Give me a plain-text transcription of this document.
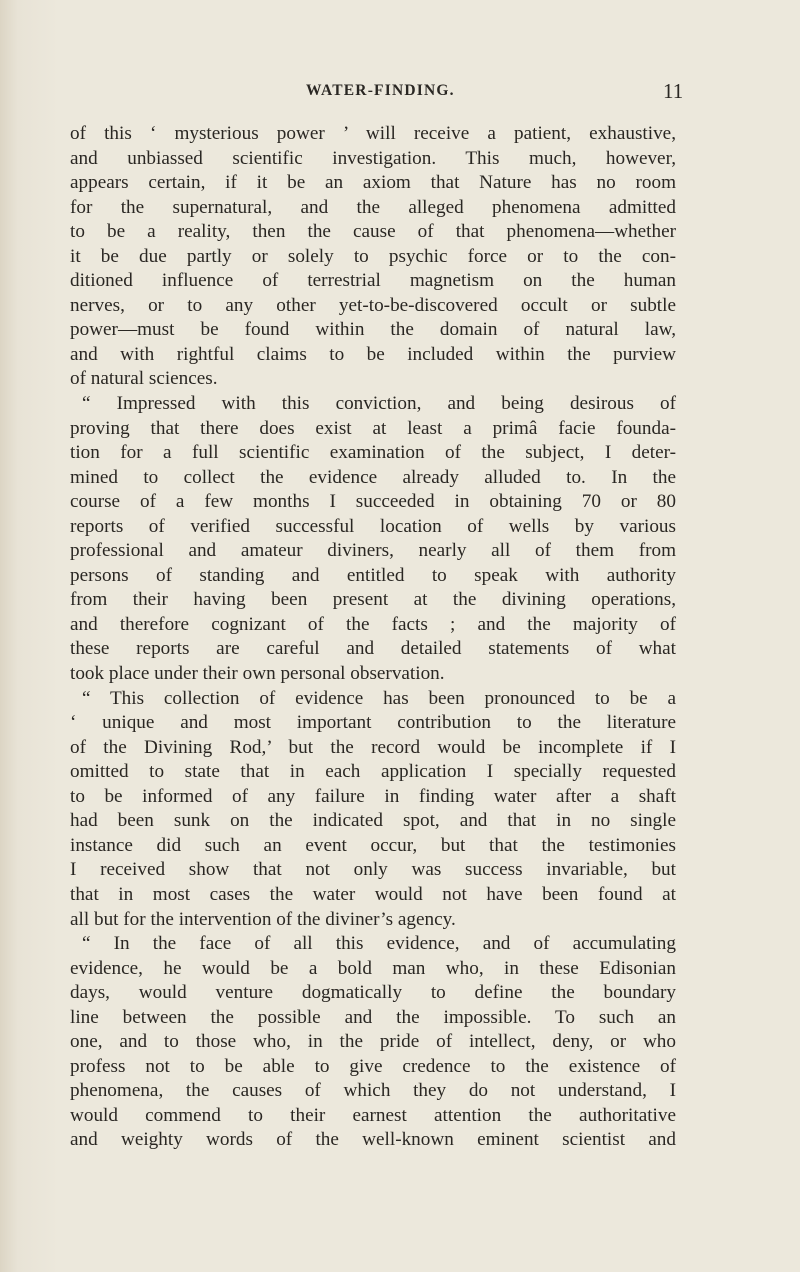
WATER-FINDING.	11
of this ‘ mysterious power ’ will receive a patient, exhaustive,
and unbiassed scientific investigation. This much, however,
appears certain, if it be an axiom that Nature has no room
for the supernatural, and the alleged phenomena admitted
to be a reality, then the cause of that phenomena—whether
it be due partly or solely to psychic force or to the con-
ditioned influence of terrestrial magnetism on the human
nerves, or to any other yet-to-be-discovered occult or subtle
power—must be found within the domain of natural law,
and with rightful claims to be included within the purview
of natural sciences.
“ Impressed with this conviction, and being desirous of
proving that there does exist at least a primâ facie founda-
tion for a full scientific examination of the subject, I deter-
mined to collect the evidence already alluded to. In the
course of a few months I succeeded in obtaining 70 or 80
reports of verified successful location of wells by various
professional and amateur diviners, nearly all of them from
persons of standing and entitled to speak with authority
from their having been present at the divining operations,
and therefore cognizant of the facts ; and the majority of
these reports are careful and detailed statements of what
took place under their own personal observation.
“ This collection of evidence has been pronounced to be a
‘ unique and most important contribution to the literature
of the Divining Rod,’ but the record would be incomplete if I
omitted to state that in each application I specially requested
to be informed of any failure in finding water after a shaft
had been sunk on the indicated spot, and that in no single
instance did such an event occur, but that the testimonies
I received show that not only was success invariable, but
that in most cases the water would not have been found at
all but for the intervention of the diviner’s agency.
“ In the face of all this evidence, and of accumulating
evidence, he would be a bold man who, in these Edisonian
days, would venture dogmatically to define the boundary
line between the possible and the impossible. To such an
one, and to those who, in the pride of intellect, deny, or who
profess not to be able to give credence to the existence of
phenomena, the causes of which they do not understand, I
would commend to their earnest attention the authoritative
and weighty words of the well-known eminent scientist and
